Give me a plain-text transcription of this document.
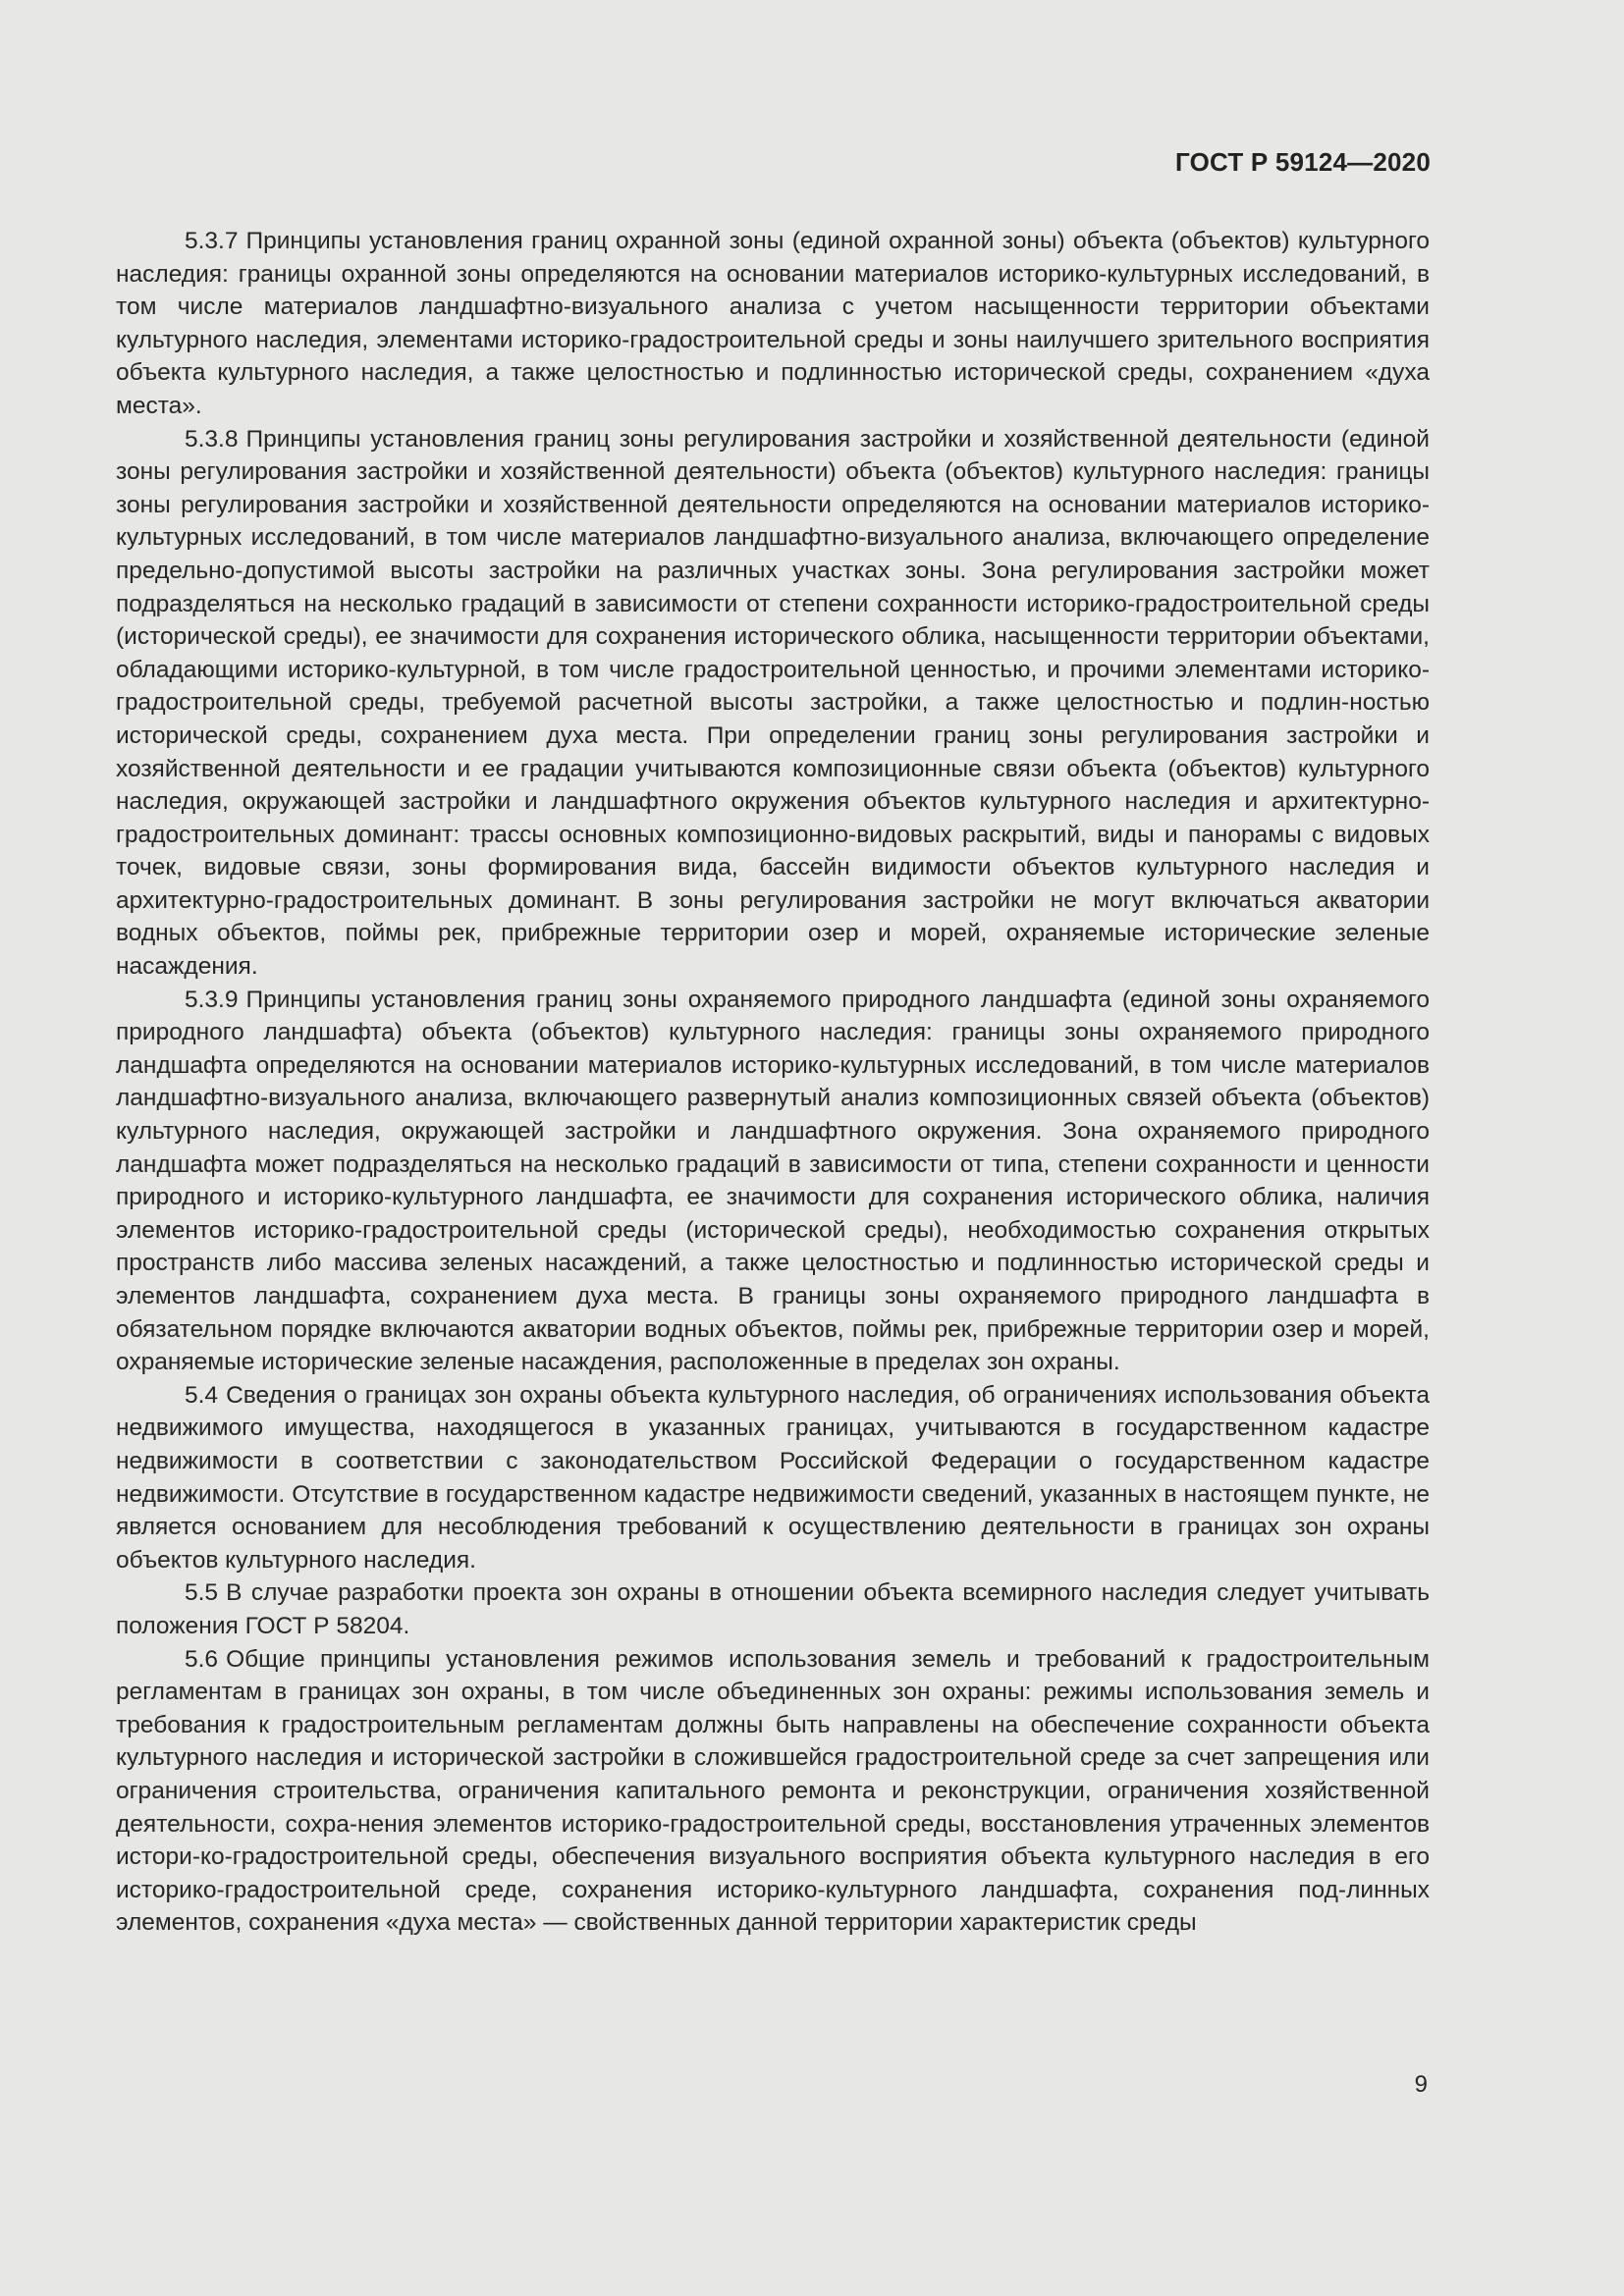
ГОСТ Р 59124—2020

5.3.7 Принципы установления границ охранной зоны (единой охранной зоны) объекта (объектов) культурного наследия: границы охранной зоны определяются на основании материалов историко-культурных исследований, в том числе материалов ландшафтно-визуального анализа с учетом насыщенности территории объектами культурного наследия, элементами историко-градостроительной среды и зоны наилучшего зрительного восприятия объекта культурного наследия, а также целостностью и подлинностью исторической среды, сохранением «духа места».

5.3.8 Принципы установления границ зоны регулирования застройки и хозяйственной деятельности (единой зоны регулирования застройки и хозяйственной деятельности) объекта (объектов) культурного наследия: границы зоны регулирования застройки и хозяйственной деятельности определяются на основании материалов историко-культурных исследований, в том числе материалов ландшафтно-визуального анализа, включающего определение предельно-допустимой высоты застройки на различных участках зоны. Зона регулирования застройки может подразделяться на несколько градаций в зависимости от степени сохранности историко-градостроительной среды (исторической среды), ее значимости для сохранения исторического облика, насыщенности территории объектами, обладающими историко-культурной, в том числе градостроительной ценностью, и прочими элементами историко-градостроительной среды, требуемой расчетной высоты застройки, а также целостностью и подлин-ностью исторической среды, сохранением духа места. При определении границ зоны регулирования застройки и хозяйственной деятельности и ее градации учитываются композиционные связи объекта (объектов) культурного наследия, окружающей застройки и ландшафтного окружения объектов культурного наследия и архитектурно-градостроительных доминант: трассы основных композиционно-видовых раскрытий, виды и панорамы с видовых точек, видовые связи, зоны формирования вида, бассейн видимости объектов культурного наследия и архитектурно-градостроительных доминант. В зоны регулирования застройки не могут включаться акватории водных объектов, поймы рек, прибрежные территории озер и морей, охраняемые исторические зеленые насаждения.

5.3.9 Принципы установления границ зоны охраняемого природного ландшафта (единой зоны охраняемого природного ландшафта) объекта (объектов) культурного наследия: границы зоны охраняемого природного ландшафта определяются на основании материалов историко-культурных исследований, в том числе материалов ландшафтно-визуального анализа, включающего развернутый анализ композиционных связей объекта (объектов) культурного наследия, окружающей застройки и ландшафтного окружения. Зона охраняемого природного ландшафта может подразделяться на несколько градаций в зависимости от типа, степени сохранности и ценности природного и историко-культурного ландшафта, ее значимости для сохранения исторического облика, наличия элементов историко-градостроительной среды (исторической среды), необходимостью сохранения открытых пространств либо массива зеленых насаждений, а также целостностью и подлинностью исторической среды и элементов ландшафта, сохранением духа места. В границы зоны охраняемого природного ландшафта в обязательном порядке включаются акватории водных объектов, поймы рек, прибрежные территории озер и морей, охраняемые исторические зеленые насаждения, расположенные в пределах зон охраны.

5.4 Сведения о границах зон охраны объекта культурного наследия, об ограничениях использования объекта недвижимого имущества, находящегося в указанных границах, учитываются в государственном кадастре недвижимости в соответствии с законодательством Российской Федерации о государственном кадастре недвижимости. Отсутствие в государственном кадастре недвижимости сведений, указанных в настоящем пункте, не является основанием для несоблюдения требований к осуществлению деятельности в границах зон охраны объектов культурного наследия.

5.5 В случае разработки проекта зон охраны в отношении объекта всемирного наследия следует учитывать положения ГОСТ Р 58204.

5.6 Общие принципы установления режимов использования земель и требований к градостроительным регламентам в границах зон охраны, в том числе объединенных зон охраны: режимы использования земель и требования к градостроительным регламентам должны быть направлены на обеспечение сохранности объекта культурного наследия и исторической застройки в сложившейся градостроительной среде за счет запрещения или ограничения строительства, ограничения капитального ремонта и реконструкции, ограничения хозяйственной деятельности, сохра-нения элементов историко-градостроительной среды, восстановления утраченных элементов истори-ко-градостроительной среды, обеспечения визуального восприятия объекта культурного наследия в его историко-градостроительной среде, сохранения историко-культурного ландшафта, сохранения под-линных элементов, сохранения «духа места» — свойственных данной территории характеристик среды

9
